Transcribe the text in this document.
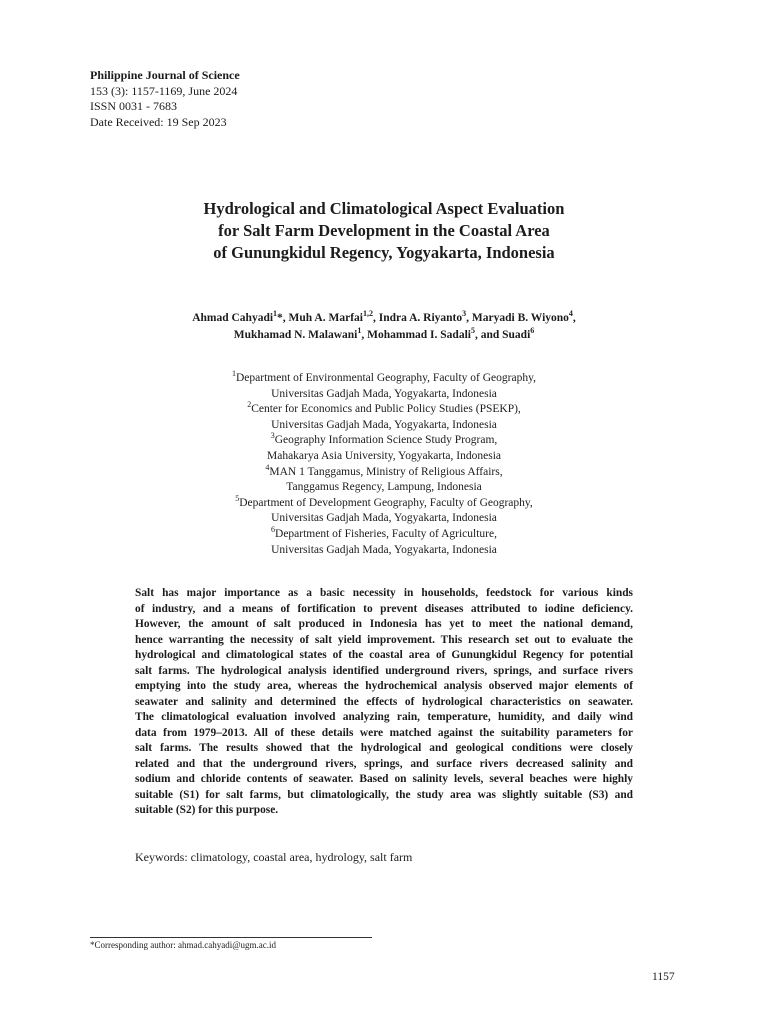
Philippine Journal of Science
153 (3): 1157-1169, June 2024
ISSN 0031 - 7683
Date Received: 19 Sep 2023
Hydrological and Climatological Aspect Evaluation
for Salt Farm Development in the Coastal Area
of Gunungkidul Regency, Yogyakarta, Indonesia
Ahmad Cahyadi$^1$*, Muh A. Marfai$^{1,2}$, Indra A. Riyanto$^3$, Maryadi B. Wiyono$^4$,
Mukhamad N. Malawani$^1$, Mohammad I. Sadali$^5$, and Suadi$^6$
$^1$Department of Environmental Geography, Faculty of Geography,
Universitas Gadjah Mada, Yogyakarta, Indonesia
$^2$Center for Economics and Public Policy Studies (PSEKP),
Universitas Gadjah Mada, Yogyakarta, Indonesia
$^3$Geography Information Science Study Program,
Mahakarya Asia University, Yogyakarta, Indonesia
$^4$MAN 1 Tanggamus, Ministry of Religious Affairs,
Tanggamus Regency, Lampung, Indonesia
$^5$Department of Development Geography, Faculty of Geography,
Universitas Gadjah Mada, Yogyakarta, Indonesia
$^6$Department of Fisheries, Faculty of Agriculture,
Universitas Gadjah Mada, Yogyakarta, Indonesia
Salt has major importance as a basic necessity in households, feedstock for various kinds
of industry, and a means of fortification to prevent diseases attributed to iodine deficiency.
However, the amount of salt produced in Indonesia has yet to meet the national demand,
hence warranting the necessity of salt yield improvement. This research set out to evaluate the
hydrological and climatological states of the coastal area of Gunungkidul Regency for potential
salt farms. The hydrological analysis identified underground rivers, springs, and surface rivers
emptying into the study area, whereas the hydrochemical analysis observed major elements of
seawater and salinity and determined the effects of hydrological characteristics on seawater.
The climatological evaluation involved analyzing rain, temperature, humidity, and daily wind
data from 1979–2013. All of these details were matched against the suitability parameters for
salt farms. The results showed that the hydrological and geological conditions were closely
related and that the underground rivers, springs, and surface rivers decreased salinity and
sodium and chloride contents of seawater. Based on salinity levels, several beaches were highly
suitable (S1) for salt farms, but climatologically, the study area was slightly suitable (S3) and
suitable (S2) for this purpose.
Keywords: climatology, coastal area, hydrology, salt farm
*Corresponding author: ahmad.cahyadi@ugm.ac.id
1157
